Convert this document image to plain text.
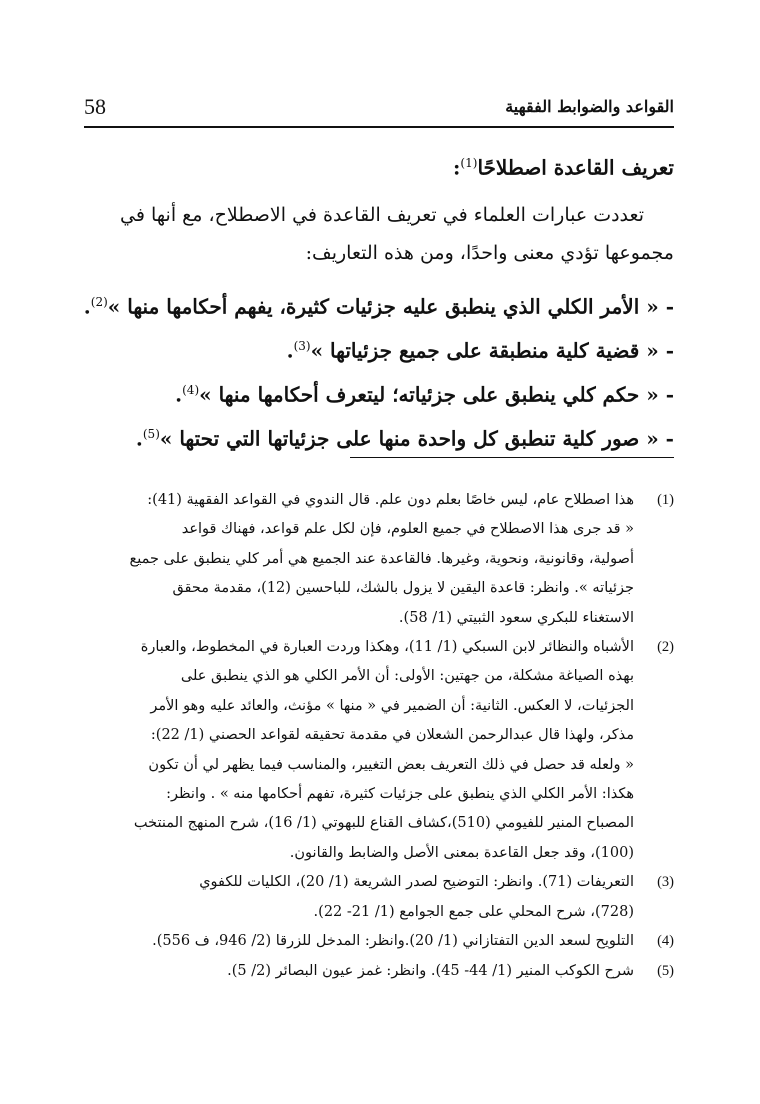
58	القواعد والضوابط الفقهية
تعريف القاعدة اصطلاحًا$^{(1)}$:
تعددت عبارات العلماء في تعريف القاعدة في الاصطلاح، مع أنها في
مجموعها تؤدي معنى واحدًا، ومن هذه التعاريف:
- « الأمر الكلي الذي ينطبق عليه جزئيات كثيرة، يفهم أحكامها منها »$^{(2)}$.
- « قضية كلية منطبقة على جميع جزئياتها »$^{(3)}$.
- « حكم كلي ينطبق على جزئياته؛ ليتعرف أحكامها منها »$^{(4)}$.
- « صور كلية تنطبق كل واحدة منها على جزئياتها التي تحتها »$^{(5)}$.
(1)
هذا اصطلاح عام، ليس خاصًا بعلم دون علم. قال الندوي في القواعد الفقهية (41):
« قد جرى هذا الاصطلاح في جميع العلوم، فإن لكل علم قواعد، فهناك قواعد
أصولية، وقانونية، ونحوية، وغيرها. فالقاعدة عند الجميع هي أمر كلي ينطبق على جميع
جزئياته ». وانظر: قاعدة اليقين لا يزول بالشك، للباحسين (12)، مقدمة محقق
الاستغناء للبكري سعود الثبيتي (1/ 58).
(2)
الأشباه والنظائر لابن السبكي (1/ 11)، وهكذا وردت العبارة في المخطوط، والعبارة
بهذه الصياغة مشكلة، من جهتين: الأولى: أن الأمر الكلي هو الذي ينطبق على
الجزئيات، لا العكس. الثانية: أن الضمير في « منها » مؤنث، والعائد عليه وهو الأمر
مذكر، ولهذا قال عبدالرحمن الشعلان في مقدمة تحقيقه لقواعد الحصني (1/ 22):
« ولعله قد حصل في ذلك التعريف بعض التغيير، والمناسب فيما يظهر لي أن تكون
هكذا: الأمر الكلي الذي ينطبق على جزئيات كثيرة، تفهم أحكامها منه » . وانظر:
المصباح المنير للفيومي (510)،كشاف القناع للبهوتي (1/ 16)، شرح المنهج المنتخب
(100)، وقد جعل القاعدة بمعنى الأصل والضابط والقانون.
(3)
التعريفات (71). وانظر: التوضيح لصدر الشريعة (1/ 20)، الكليات للكفوي
(728)، شرح المحلي على جمع الجوامع (1/ 21- 22).
(4)
التلويح لسعد الدين التفتازاني (1/ 20).وانظر: المدخل للزرقا (2/ 946، ف 556).
(5)
شرح الكوكب المنير (1/ 44- 45). وانظر: غمز عيون البصائر (2/ 5).
